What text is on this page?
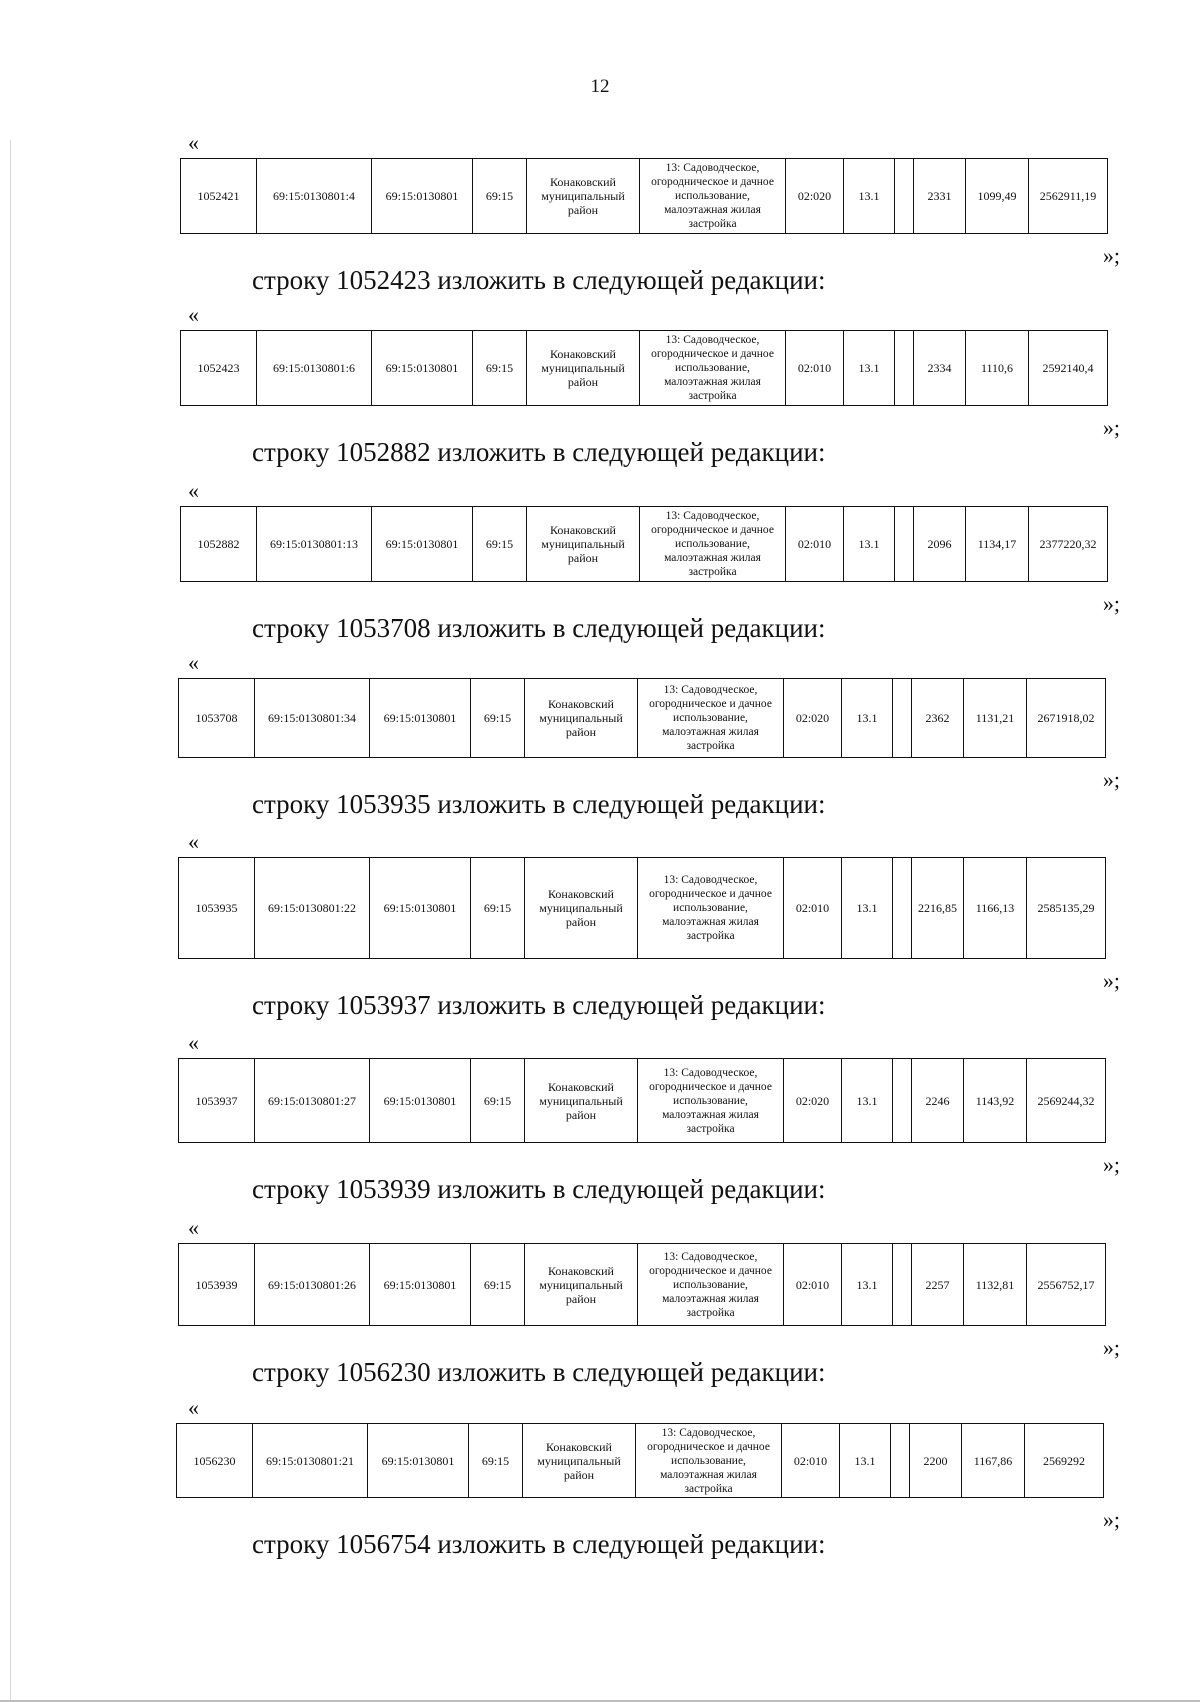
12
«
1052421	69:15:0130801:4	69:15:0130801	69:15	Конаковский муниципальный район	13: Садоводческое, огородническое и дачное использование, малоэтажная жилая застройка	02:020	13.1		2331	1099,49	2562911,19
»;
строку 1052423 изложить в следующей редакции:
«
1052423	69:15:0130801:6	69:15:0130801	69:15	Конаковский муниципальный район	13: Садоводческое, огородническое и дачное использование, малоэтажная жилая застройка	02:010	13.1		2334	1110,6	2592140,4
»;
строку 1052882 изложить в следующей редакции:
«
1052882	69:15:0130801:13	69:15:0130801	69:15	Конаковский муниципальный район	13: Садоводческое, огородническое и дачное использование, малоэтажная жилая застройка	02:010	13.1		2096	1134,17	2377220,32
»;
строку 1053708 изложить в следующей редакции:
«
1053708	69:15:0130801:34	69:15:0130801	69:15	Конаковский муниципальный район	13: Садоводческое, огородническое и дачное использование, малоэтажная жилая застройка	02:020	13.1		2362	1131,21	2671918,02
»;
строку 1053935 изложить в следующей редакции:
«
1053935	69:15:0130801:22	69:15:0130801	69:15	Конаковский муниципальный район	13: Садоводческое, огородническое и дачное использование, малоэтажная жилая застройка	02:010	13.1		2216,85	1166,13	2585135,29
»;
строку 1053937 изложить в следующей редакции:
«
1053937	69:15:0130801:27	69:15:0130801	69:15	Конаковский муниципальный район	13: Садоводческое, огородническое и дачное использование, малоэтажная жилая застройка	02:020	13.1		2246	1143,92	2569244,32
»;
строку 1053939 изложить в следующей редакции:
«
1053939	69:15:0130801:26	69:15:0130801	69:15	Конаковский муниципальный район	13: Садоводческое, огородническое и дачное использование, малоэтажная жилая застройка	02:010	13.1		2257	1132,81	2556752,17
»;
строку 1056230 изложить в следующей редакции:
«
1056230	69:15:0130801:21	69:15:0130801	69:15	Конаковский муниципальный район	13: Садоводческое, огородническое и дачное использование, малоэтажная жилая застройка	02:010	13.1		2200	1167,86	2569292
»;
строку 1056754 изложить в следующей редакции:
